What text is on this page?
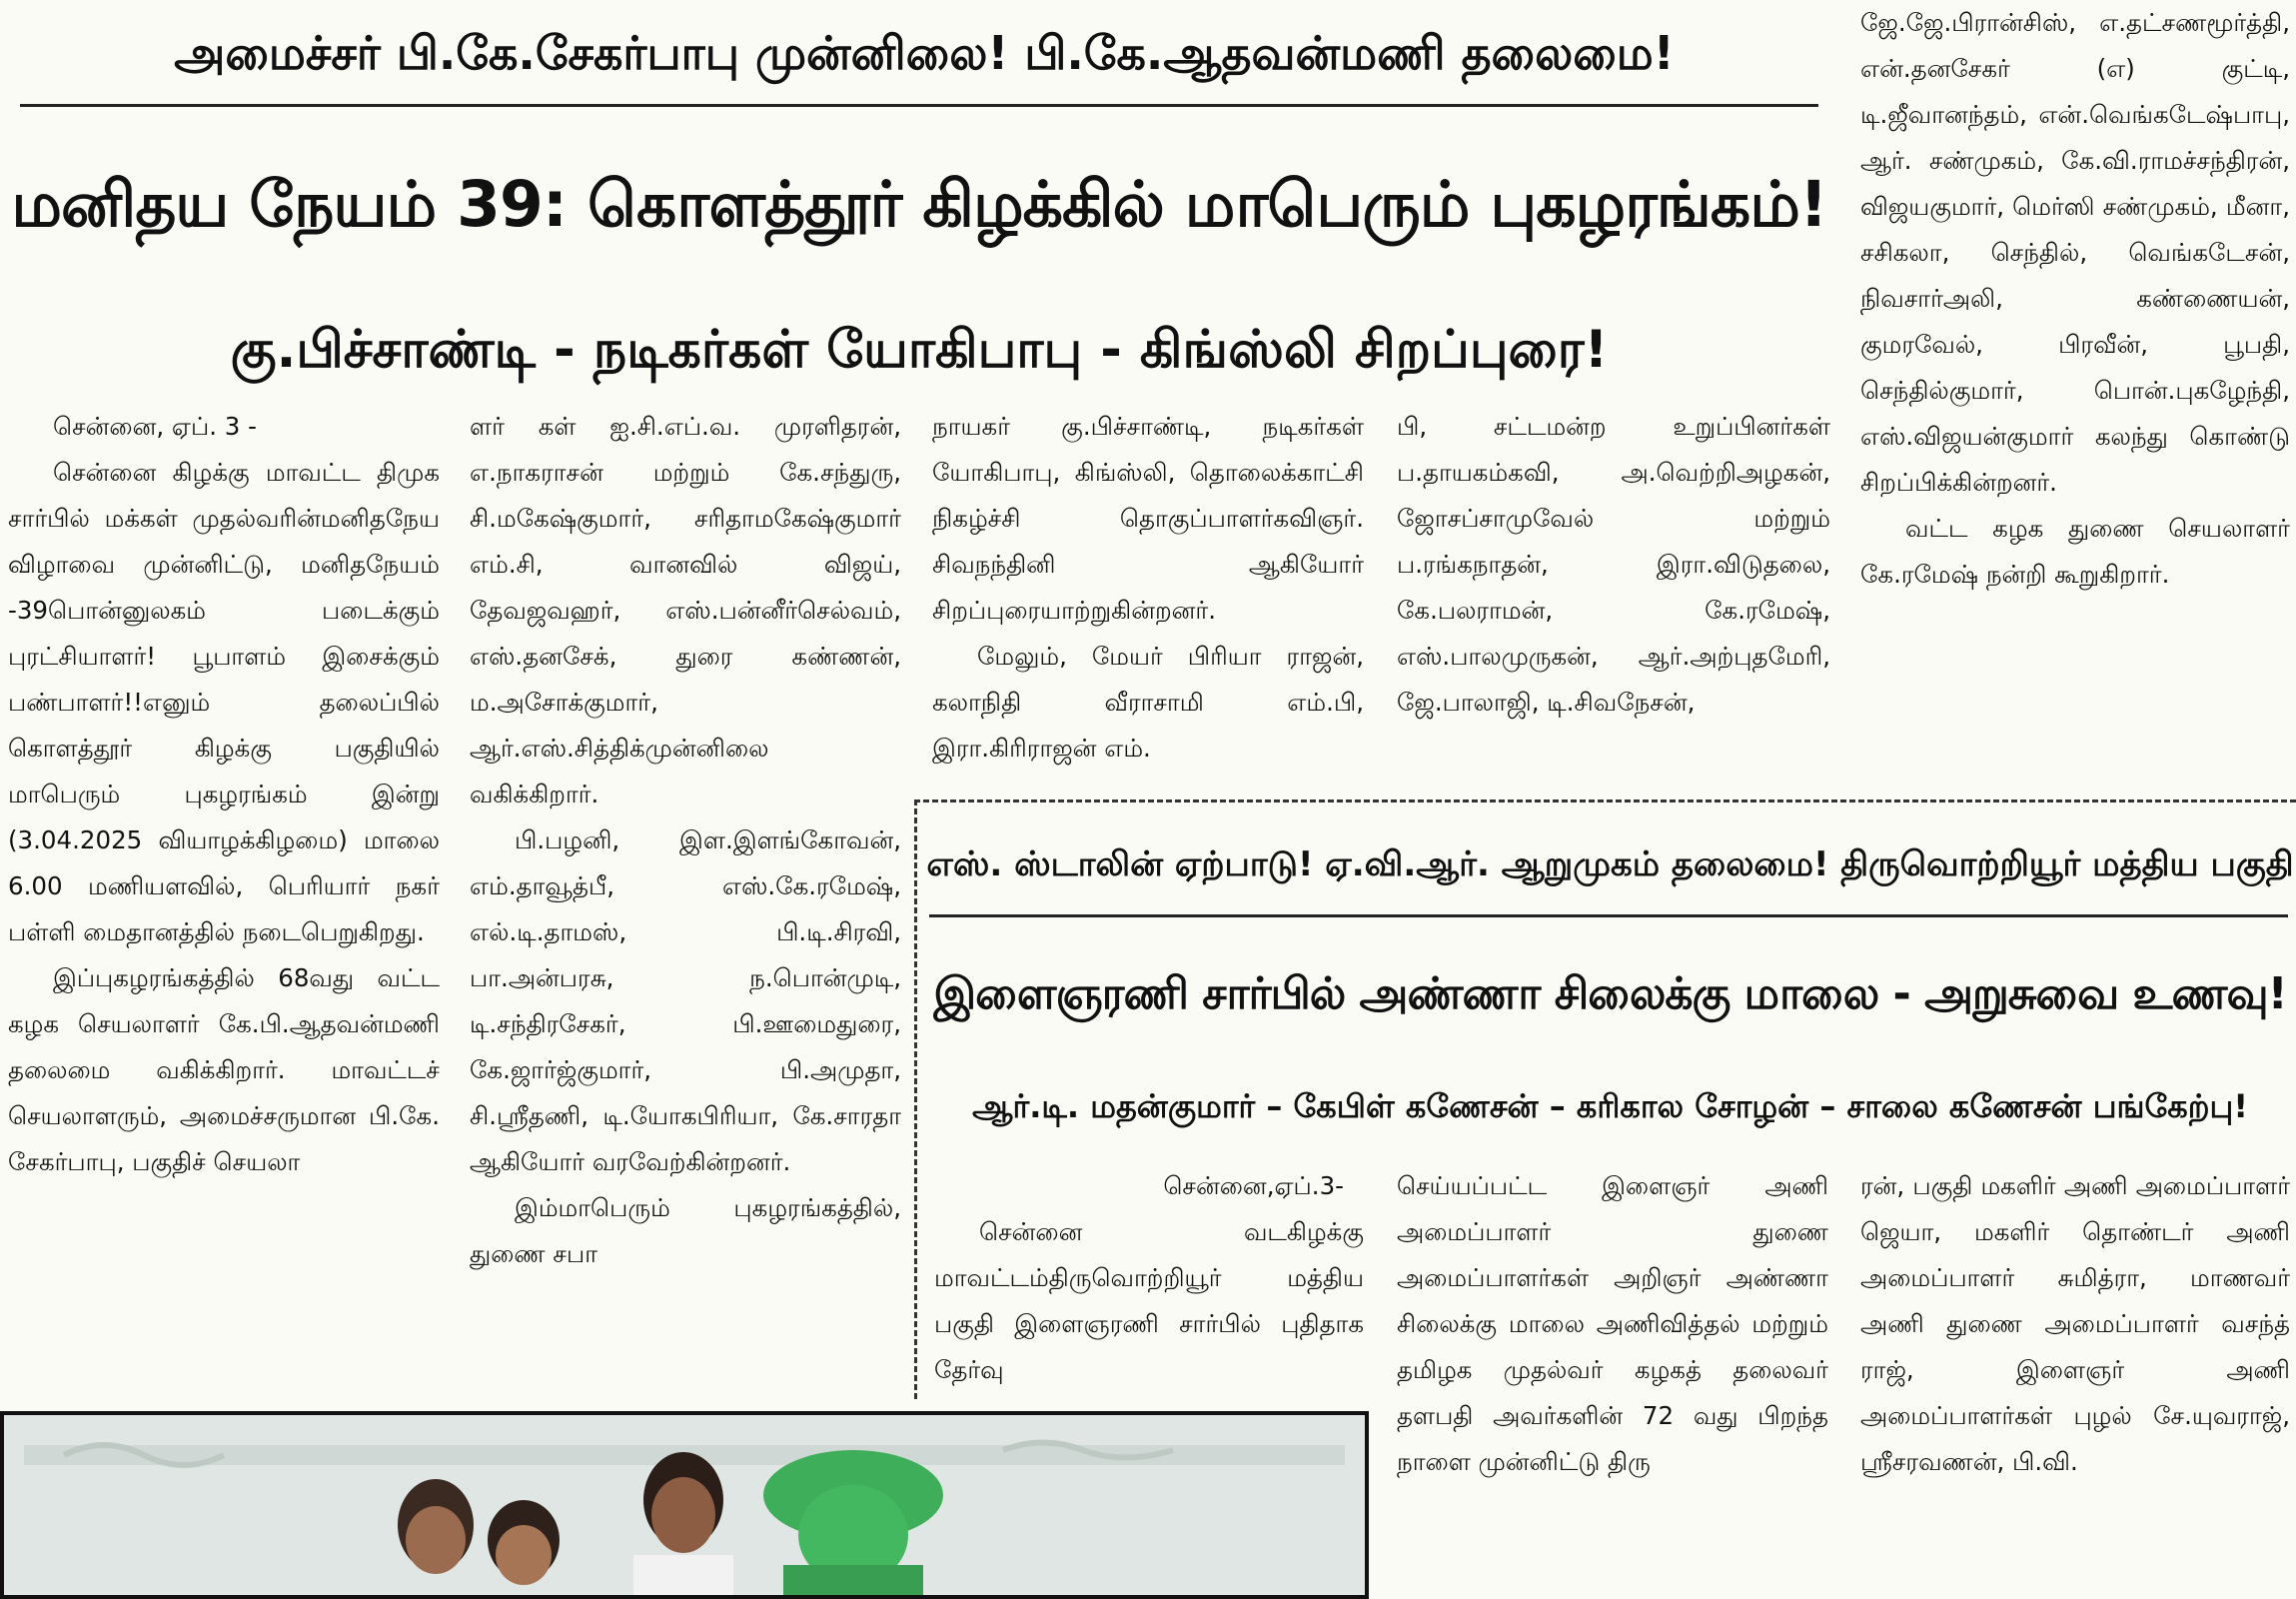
அமைச்சர் பி.கே.சேகர்பாபு முன்னிலை! பி.கே.ஆதவன்மணி தலைமை!
மனிதய நேயம் 39: கொளத்தூர் கிழக்கில் மாபெரும் புகழரங்கம்!
கு.பிச்சாண்டி - நடிகர்கள் யோகிபாபு - கிங்ஸ்லி சிறப்புரை!

சென்னை, ஏப். 3 -

சென்னை கிழக்கு மாவட்ட திமுக சார்பில் மக்கள் முதல்வரின்மனிதநேய விழாவை முன்னிட்டு, மனிதநேயம் -39பொன்னுலகம் படைக்கும் புரட்சியாளர்! பூபாளம் இசைக்கும் பண்பாளர்!!எனும் தலைப்பில் கொளத்தூர் கிழக்கு பகுதியில் மாபெரும் புகழரங்கம் இன்று (3.04.2025 வியாழக்கிழமை) மாலை 6.00 மணியளவில், பெரியார் நகர் பள்ளி மைதானத்தில் நடைபெறுகிறது.

இப்புகழரங்கத்தில் 68வது வட்ட கழக செயலாளர் கே.பி.ஆதவன்மணி தலைமை வகிக்கிறார். மாவட்டச் செயலாளரும், அமைச்சருமான பி.கே. சேகர்பாபு, பகுதிச் செயலா

ளர் கள் ஐ.சி.எப்.வ. முரளிதரன், எ.நாகராசன் மற்றும் கே.சந்துரு, சி.மகேஷ்குமார், சரிதாமகேஷ்குமார் எம்.சி, வானவில் விஜய், தேவஜவஹர், எஸ்.பன்னீர்செல்வம், எஸ்.தனசேக், துரை கண்ணன், ம.அசோக்குமார், ஆர்.எஸ்.சித்திக்முன்னிலை வகிக்கிறார்.

பி.பழனி, இள.இளங்கோவன், எம்.தாவூத்பீ, எஸ்.கே.ரமேஷ், எல்.டி.தாமஸ், பி.டி.சிரவி, பா.அன்பரசு, ந.பொன்முடி, டி.சந்திரசேகர், பி.ஊமைதுரை, கே.ஜார்ஜ்குமார், பி.அமுதா, சி.ஸ்ரீதணி, டி.யோகபிரியா, கே.சாரதா ஆகியோர் வரவேற்கின்றனர்.

இம்மாபெரும் புகழரங்கத்தில், துணை சபா

நாயகர் கு.பிச்சாண்டி, நடிகர்கள் யோகிபாபு, கிங்ஸ்லி, தொலைக்காட்சி நிகழ்ச்சி தொகுப்பாளர்கவிஞர். சிவநந்தினி ஆகியோர் சிறப்புரையாற்றுகின்றனர்.

மேலும், மேயர் பிரியா ராஜன், கலாநிதி வீராசாமி எம்.பி, இரா.கிரிராஜன் எம்.

பி, சட்டமன்ற உறுப்பினர்கள் ப.தாயகம்கவி, அ.வெற்றிஅழகன், ஜோசப்சாமுவேல் மற்றும் ப.ரங்கநாதன், இரா.விடுதலை, கே.பலராமன், கே.ரமேஷ், எஸ்.பாலமுருகன், ஆர்.அற்புதமேரி, ஜே.பாலாஜி, டி.சிவநேசன்,

ஜே.ஜே.பிரான்சிஸ், எ.தட்சணமூர்த்தி, என்.தனசேகர் (எ) குட்டி, டி.ஜீவானந்தம், என்.வெங்கடேஷ்பாபு, ஆர். சண்முகம், கே.வி.ராமச்சந்திரன், விஜயகுமார், மெர்ஸி சண்முகம், மீனா, சசிகலா, செந்தில், வெங்கடேசன், நிவசார்அலி, கண்ணையன், குமரவேல், பிரவீன், பூபதி, செந்தில்குமார், பொன்.புகழேந்தி, எஸ்.விஜயன்குமார் கலந்து கொண்டு சிறப்பிக்கின்றனர்.

வட்ட கழக துணை செயலாளர் கே.ரமேஷ் நன்றி கூறுகிறார்.

எஸ். ஸ்டாலின் ஏற்பாடு! ஏ.வி.ஆர். ஆறுமுகம் தலைமை! திருவொற்றியூர் மத்திய பகுதி
இளைஞரணி சார்பில் அண்ணா சிலைக்கு மாலை - அறுசுவை உணவு!
ஆர்.டி. மதன்குமார் – கேபிள் கணேசன் – கரிகால சோழன் – சாலை கணேசன் பங்கேற்பு!

சென்னை,ஏப்.3-

சென்னை வடகிழக்கு மாவட்டம்திருவொற்றியூர் மத்திய பகுதி இளைஞரணி சார்பில் புதிதாக தேர்வு

செய்யப்பட்ட இளைஞர் அணி அமைப்பாளர் துணை அமைப்பாளர்கள் அறிஞர் அண்ணா சிலைக்கு மாலை அணிவித்தல் மற்றும் தமிழக முதல்வர் கழகத் தலைவர் தளபதி அவர்களின் 72 வது பிறந்த நாளை முன்னிட்டு திரு

ரன், பகுதி மகளிர் அணி அமைப்பாளர் ஜெயா, மகளிர் தொண்டர் அணி அமைப்பாளர் சுமித்ரா, மாணவர் அணி துணை அமைப்பாளர் வசந்த் ராஜ், இளைஞர் அணி அமைப்பாளர்கள் புழல் சே.யுவராஜ், ஸ்ரீசரவணன், பி.வி.
